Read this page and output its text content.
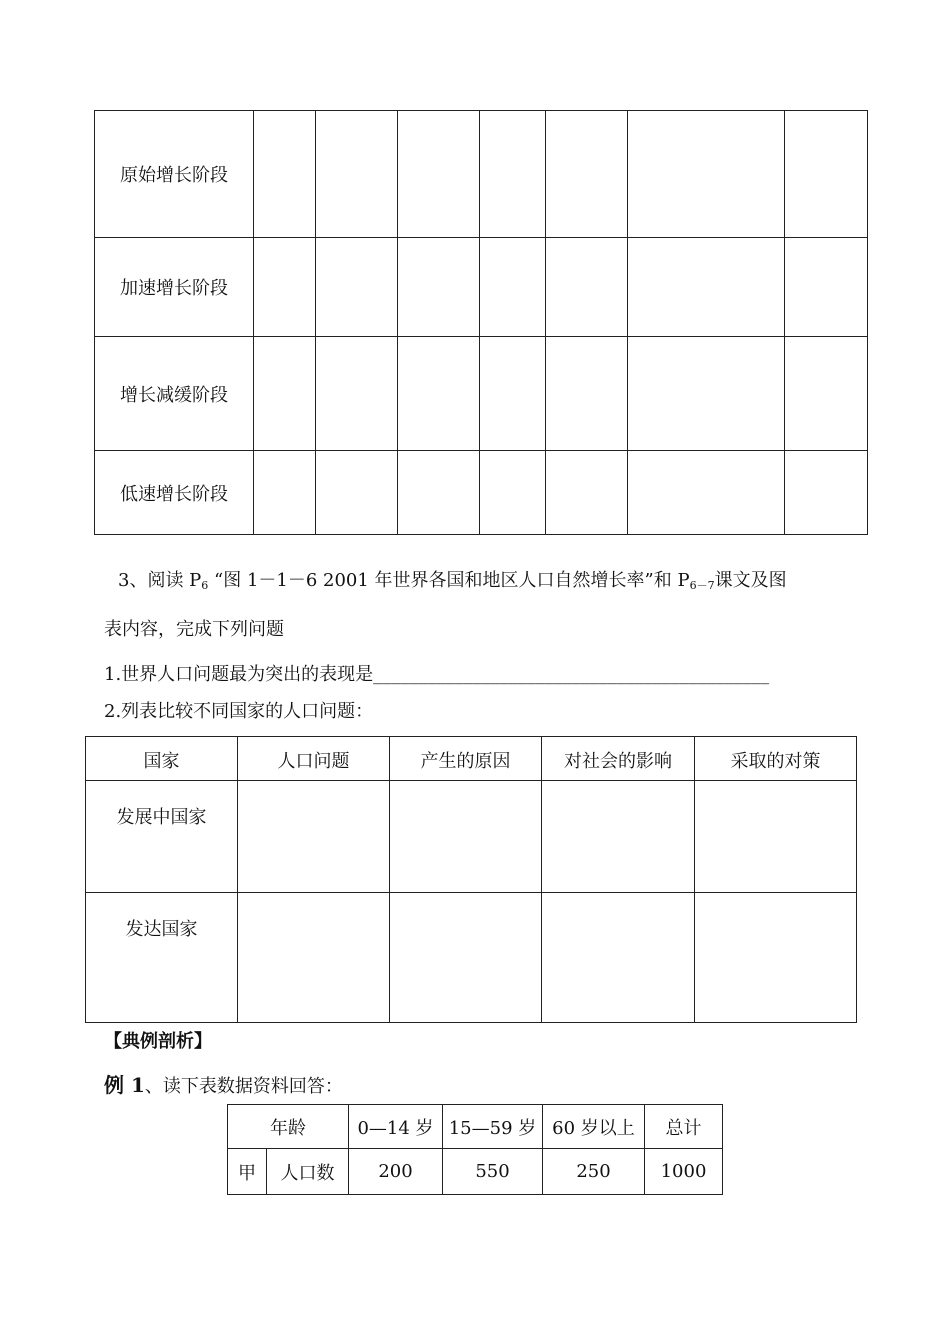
原始增长阶段							
加速增长阶段							
增长减缓阶段							
低速增长阶段							
3、阅读 $P_6$ “图 1－1－6 2001 年世界各国和地区人口自然增长率”和 $P_{6-7}$课文及图
表内容，完成下列问题
1.世界人口问题最为突出的表现是____________________________________________
2.列表比较不同国家的人口问题：
国家	人口问题	产生的原因	对社会的影响	采取的对策

发展中国家				

发达国家				

【典例剖析】
例 1、读下表数据资料回答：
年龄		0—14 岁	15—59 岁	60 岁以上	总计
甲	人口数	200	550	250	1000
